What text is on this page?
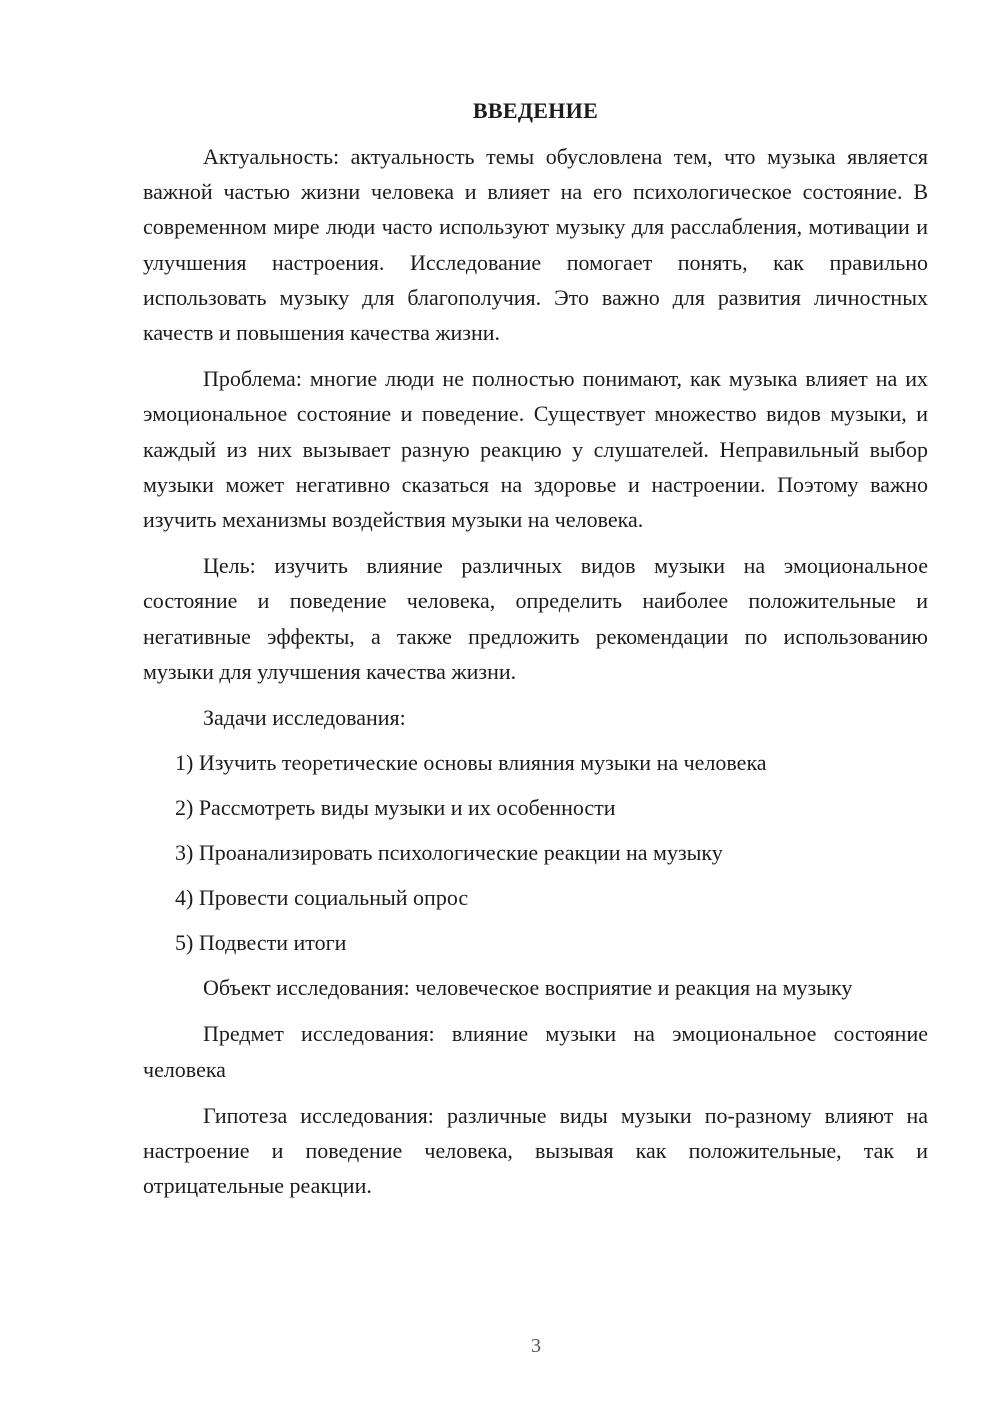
ВВЕДЕНИЕ

Актуальность: актуальность темы обусловлена тем, что музыка является важной частью жизни человека и влияет на его психологическое состояние. В современном мире люди часто используют музыку для расслабления, мотивации и улучшения настроения. Исследование помогает понять, как правильно использовать музыку для благополучия. Это важно для развития личностных качеств и повышения качества жизни.

Проблема: многие люди не полностью понимают, как музыка влияет на их эмоциональное состояние и поведение. Существует множество видов музыки, и каждый из них вызывает разную реакцию у слушателей. Неправильный выбор музыки может негативно сказаться на здоровье и настроении. Поэтому важно изучить механизмы воздействия музыки на человека.

Цель: изучить влияние различных видов музыки на эмоциональное состояние и поведение человека, определить наиболее положительные и негативные эффекты, а также предложить рекомендации по использованию музыки для улучшения качества жизни.

Задачи исследования:

1) Изучить теоретические основы влияния музыки на человека
2) Рассмотреть виды музыки и их особенности
3) Проанализировать психологические реакции на музыку
4) Провести социальный опрос
5) Подвести итоги

Объект исследования: человеческое восприятие и реакция на музыку

Предмет исследования: влияние музыки на эмоциональное состояние человека

Гипотеза исследования: различные виды музыки по-разному влияют на настроение и поведение человека, вызывая как положительные, так и отрицательные реакции.

3
